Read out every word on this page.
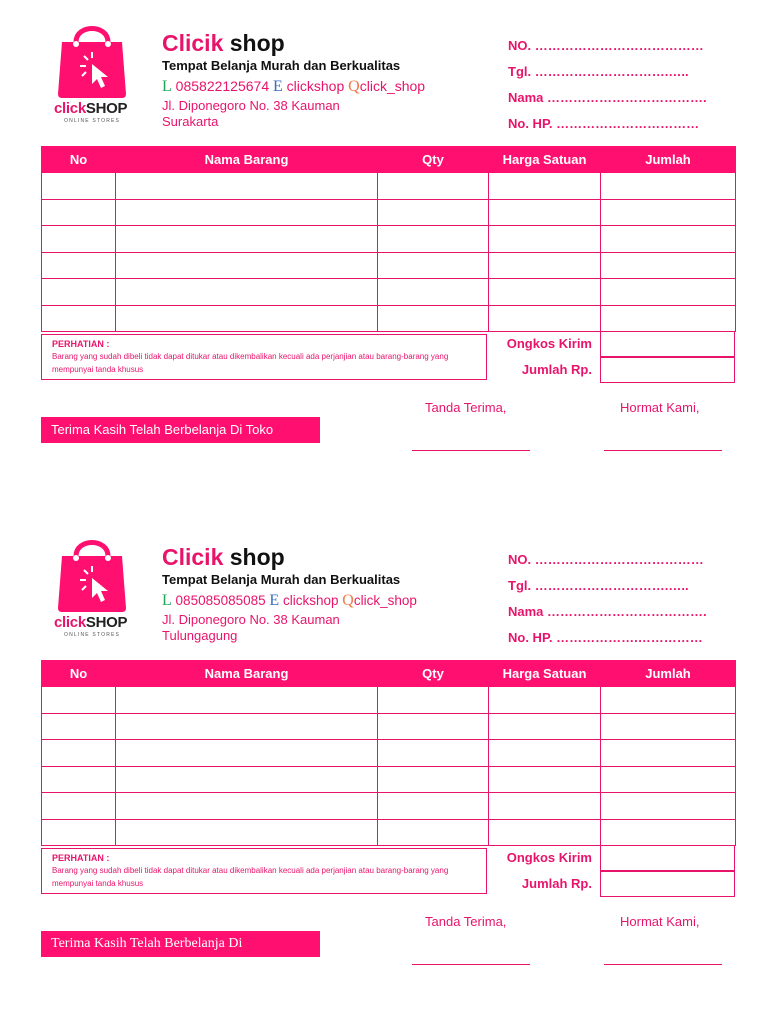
clickSHOP
ONLINE STORES
Clicik shop
Tempat Belanja Murah dan Berkualitas
L 085822125674 E clickshop Qclick_shop
Jl. Diponegoro No. 38 Kauman
Surakarta
NO. …………………………………
Tgl. ………………………….…..
Nama ……………………………….
No. HP. ……………………………
No	Nama Barang	Qty	Harga Satuan	Jumlah

PERHATIAN :
Barang yang sudah dibeli tidak dapat ditukar atau dikembalikan kecuali ada perjanjian atau barang-barang yang mempunyai tanda khusus
Ongkos Kirim
Jumlah Rp.
Terima Kasih Telah Berbelanja Di Toko
Tanda Terima,	Hormat Kami,
clickSHOP
ONLINE STORES
Clicik shop
Tempat Belanja Murah dan Berkualitas
L 085085085085 E clickshop Qclick_shop
Jl. Diponegoro No. 38 Kauman
Tulungagung
NO. …………………………………
Tgl. ………………………….…..
Nama ……………………………….
No. HP. ……………….……………
No	Nama Barang	Qty	Harga Satuan	Jumlah

PERHATIAN :
Barang yang sudah dibeli tidak dapat ditukar atau dikembalikan kecuali ada perjanjian atau barang-barang yang mempunyai tanda khusus
Ongkos Kirim
Jumlah Rp.
Terima Kasih Telah Berbelanja Di
Tanda Terima,	Hormat Kami,
